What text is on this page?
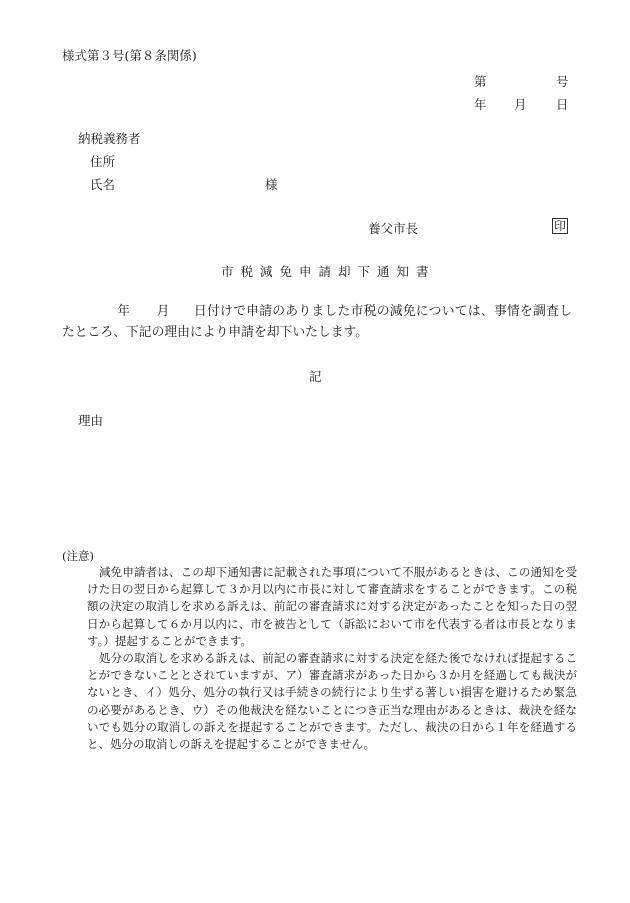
様式第３号(第８条関係)
第	号
年 月 日
納税義務者
住所
氏名	様
養父市長	印
市税減免申請却下通知書
年 月 日付けで申請のありました市税の減免については、事情を調査したところ、下記の理由により申請を却下いたします。
記
理由
(注意)

減免申請者は、この却下通知書に記載された事項について不服があるときは、この通知を受けた日の翌日から起算して３か月以内に市長に対して審査請求をすることができます。この税額の決定の取消しを求める訴えは、前記の審査請求に対する決定があったことを知った日の翌日から起算して６か月以内に、市を被告として（訴訟において市を代表する者は市長となります。）提起することができます。

処分の取消しを求める訴えは、前記の審査請求に対する決定を経た後でなければ提起することができないこととされていますが、ア）審査請求があった日から３か月を経過しても裁決がないとき、イ）処分、処分の執行又は手続きの続行により生ずる著しい損害を避けるため緊急の必要があるとき、ウ）その他裁決を経ないことにつき正当な理由があるときは、裁決を経ないでも処分の取消しの訴えを提起することができます。ただし、裁決の日から１年を経過すると、処分の取消しの訴えを提起することができません。
